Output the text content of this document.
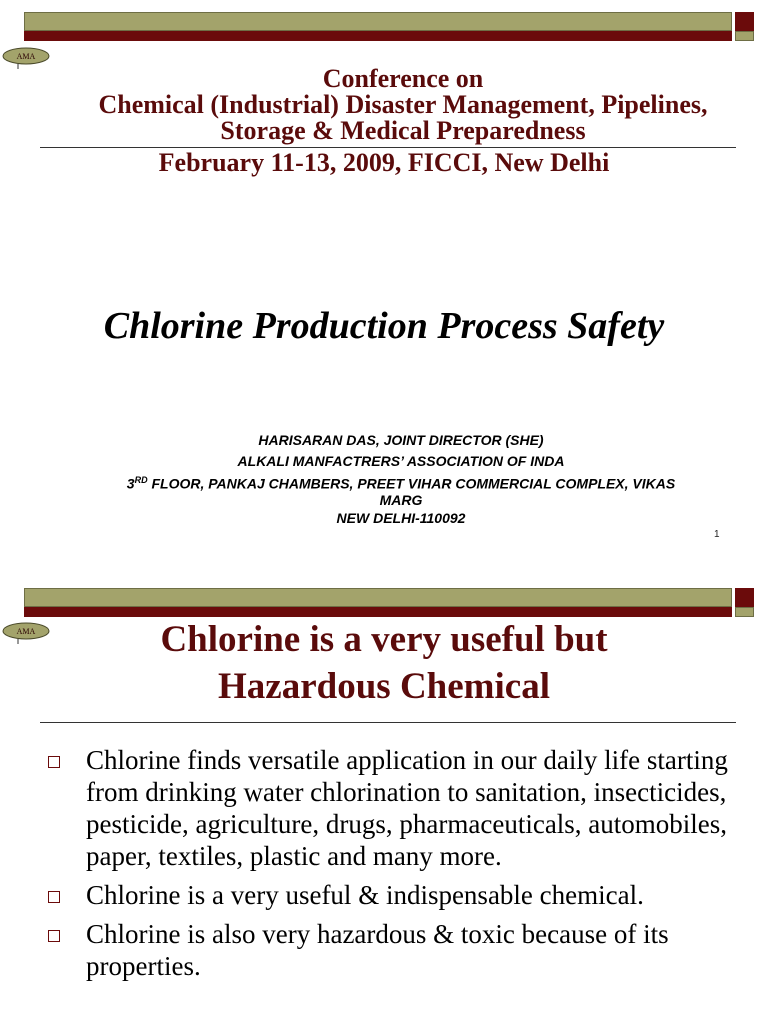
AMA
Conference on
Chemical (Industrial) Disaster Management, Pipelines,
Storage & Medical Preparedness
February 11-13, 2009, FICCI, New Delhi
Chlorine Production Process Safety
HARISARAN DAS, JOINT DIRECTOR (SHE)
ALKALI MANFACTRERS’ ASSOCIATION OF INDA
3RD FLOOR, PANKAJ CHAMBERS, PREET VIHAR COMMERCIAL COMPLEX, VIKAS
MARG
NEW DELHI-110092
1
AMA	Chlorine is a very useful but
Hazardous Chemical
Chlorine finds versatile application in our daily life starting from drinking water chlorination to sanitation, insecticides, pesticide, agriculture, drugs, pharmaceuticals, automobiles, paper, textiles, plastic and many more.
Chlorine is a very useful & indispensable chemical.
Chlorine is also very hazardous & toxic because of its properties.
